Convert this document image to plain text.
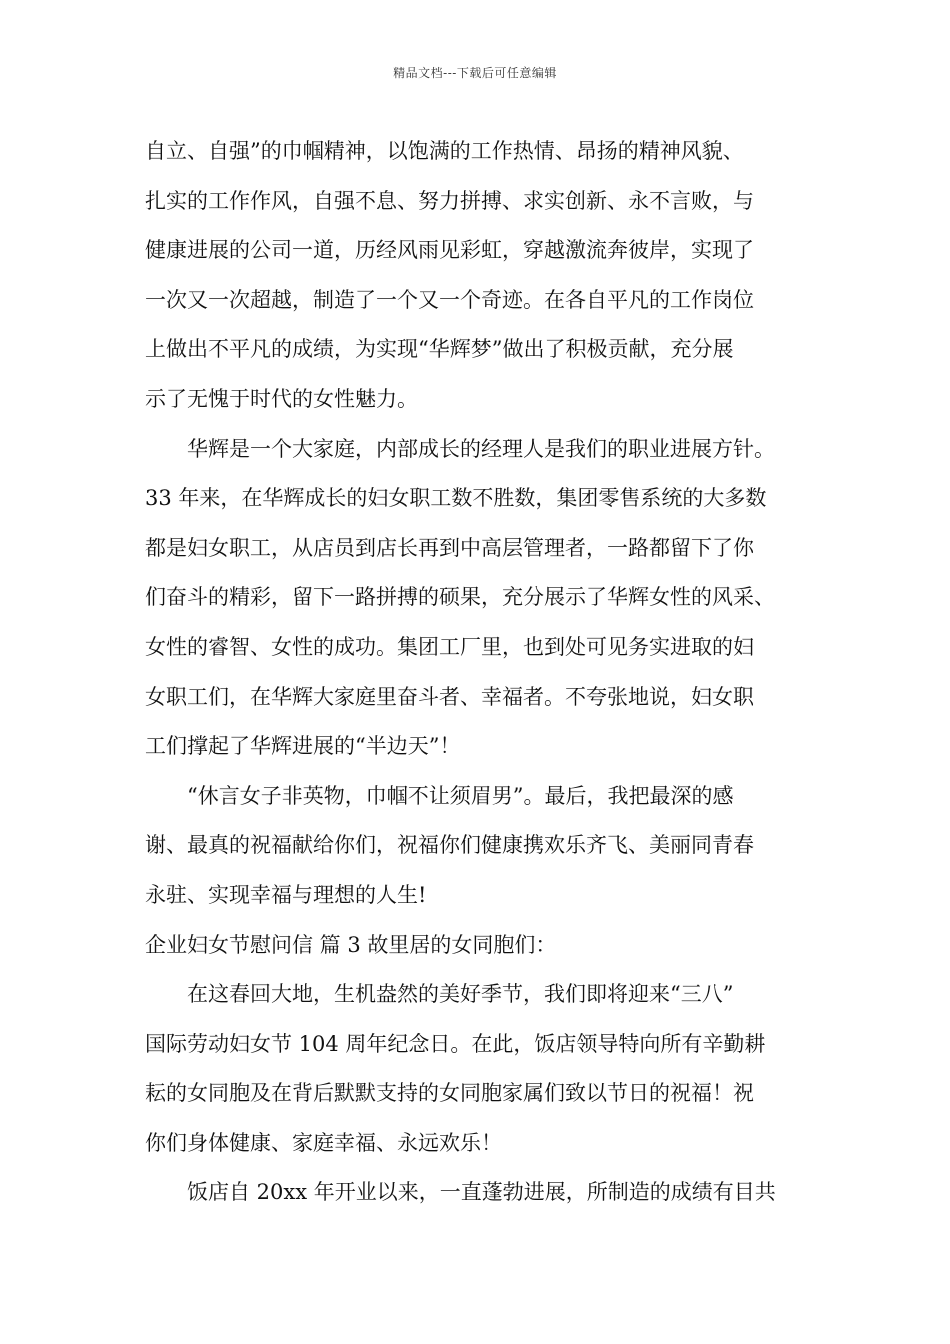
精品文档---下载后可任意编辑
自立、自强”的巾帼精神，以饱满的工作热情、昂扬的精神风貌、
扎实的工作作风，自强不息、努力拼搏、求实创新、永不言败，与
健康进展的公司一道，历经风雨见彩虹，穿越激流奔彼岸，实现了
一次又一次超越，制造了一个又一个奇迹。在各自平凡的工作岗位
上做出不平凡的成绩，为实现“华辉梦”做出了积极贡献，充分展
示了无愧于时代的女性魅力。
华辉是一个大家庭，内部成长的经理人是我们的职业进展方针。
33 年来，在华辉成长的妇女职工数不胜数，集团零售系统的大多数
都是妇女职工，从店员到店长再到中高层管理者，一路都留下了你
们奋斗的精彩，留下一路拼搏的硕果，充分展示了华辉女性的风采、
女性的睿智、女性的成功。集团工厂里，也到处可见务实进取的妇
女职工们，在华辉大家庭里奋斗者、幸福者。不夸张地说，妇女职
工们撑起了华辉进展的“半边天”！
“休言女子非英物，巾帼不让须眉男”。最后，我把最深的感
谢、最真的祝福献给你们，祝福你们健康携欢乐齐飞、美丽同青春
永驻、实现幸福与理想的人生!
企业妇女节慰问信 篇 3 故里居的女同胞们：
在这春回大地，生机盎然的美好季节，我们即将迎来“三八”
国际劳动妇女节 104 周年纪念日。在此，饭店领导特向所有辛勤耕
耘的女同胞及在背后默默支持的女同胞家属们致以节日的祝福！祝
你们身体健康、家庭幸福、永远欢乐！
饭店自 20xx 年开业以来，一直蓬勃进展，所制造的成绩有目共
